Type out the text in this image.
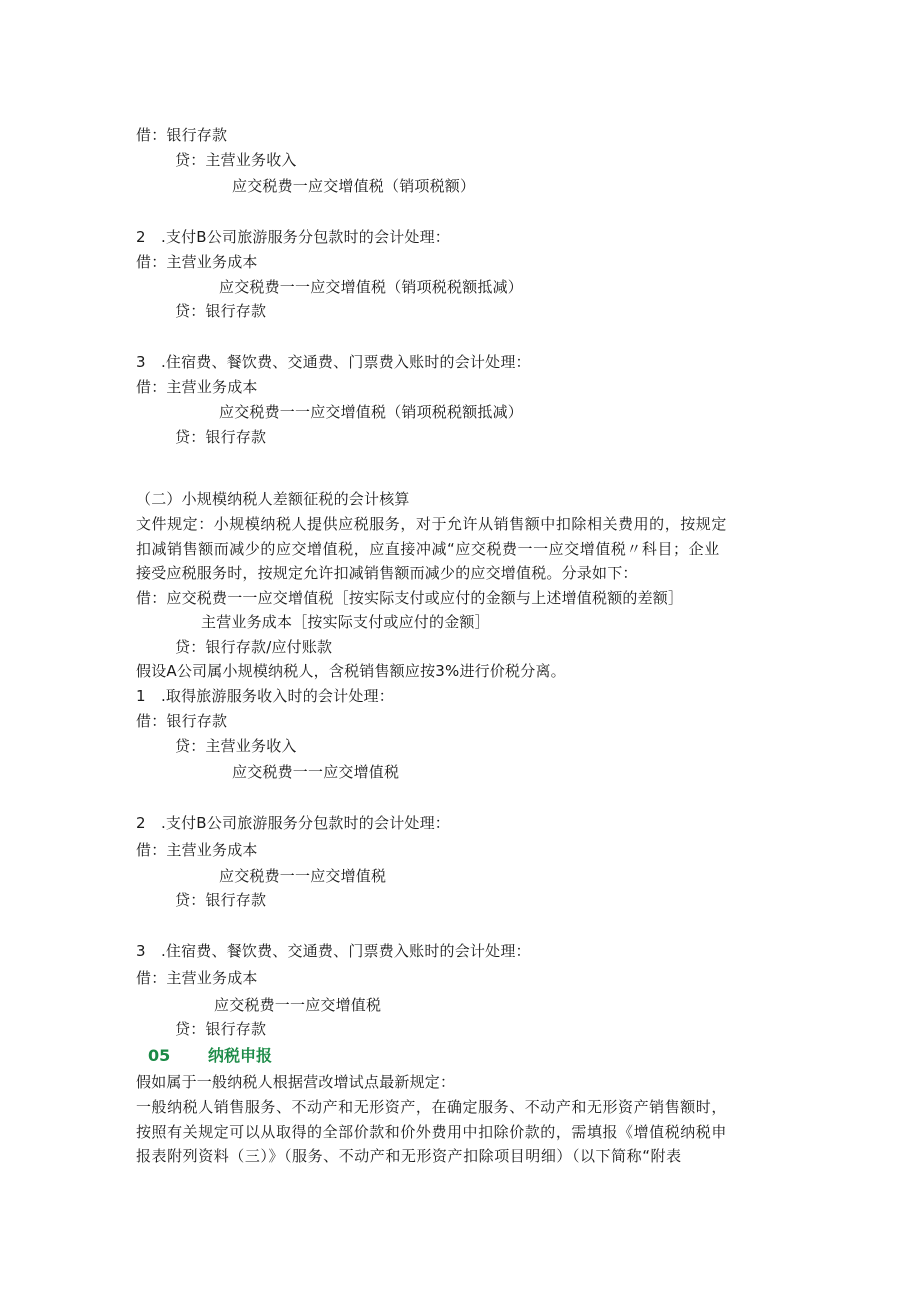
借：银行存款
贷：主营业务收入
应交税费一应交增值税（销项税额）
2　.支付B公司旅游服务分包款时的会计处理：
借：主营业务成本
应交税费一一应交增值税（销项税税额抵减）
贷：银行存款
3　.住宿费、餐饮费、交通费、门票费入账时的会计处理：
借：主营业务成本
应交税费一一应交增值税（销项税税额抵减）
贷：银行存款
（二）小规模纳税人差额征税的会计核算
文件规定：小规模纳税人提供应税服务，对于允许从销售额中扣除相关费用的，按规定
扣减销售额而减少的应交增值税，应直接冲减“应交税费一一应交增值税〃科目；企业
接受应税服务时，按规定允许扣减销售额而减少的应交增值税。分录如下：
借：应交税费一一应交增值税［按实际支付或应付的金额与上述增值税额的差额］
主营业务成本［按实际支付或应付的金额］
贷：银行存款/应付账款
假设A公司属小规模纳税人，含税销售额应按3%进行价税分离。
1　.取得旅游服务收入时的会计处理：
借：银行存款
贷：主营业务收入
应交税费一一应交增值税
2　.支付B公司旅游服务分包款时的会计处理：
借：主营业务成本
应交税费一一应交增值税
贷：银行存款
3　.住宿费、餐饮费、交通费、门票费入账时的会计处理：
借：主营业务成本
应交税费一一应交增值税
贷：银行存款
05 纳税申报
假如属于一般纳税人根据营改增试点最新规定：
一般纳税人销售服务、不动产和无形资产，在确定服务、不动产和无形资产销售额时，
按照有关规定可以从取得的全部价款和价外费用中扣除价款的，需填报《增值税纳税申
报表附列资料（三）》（服务、不动产和无形资产扣除项目明细）（以下简称“附表
